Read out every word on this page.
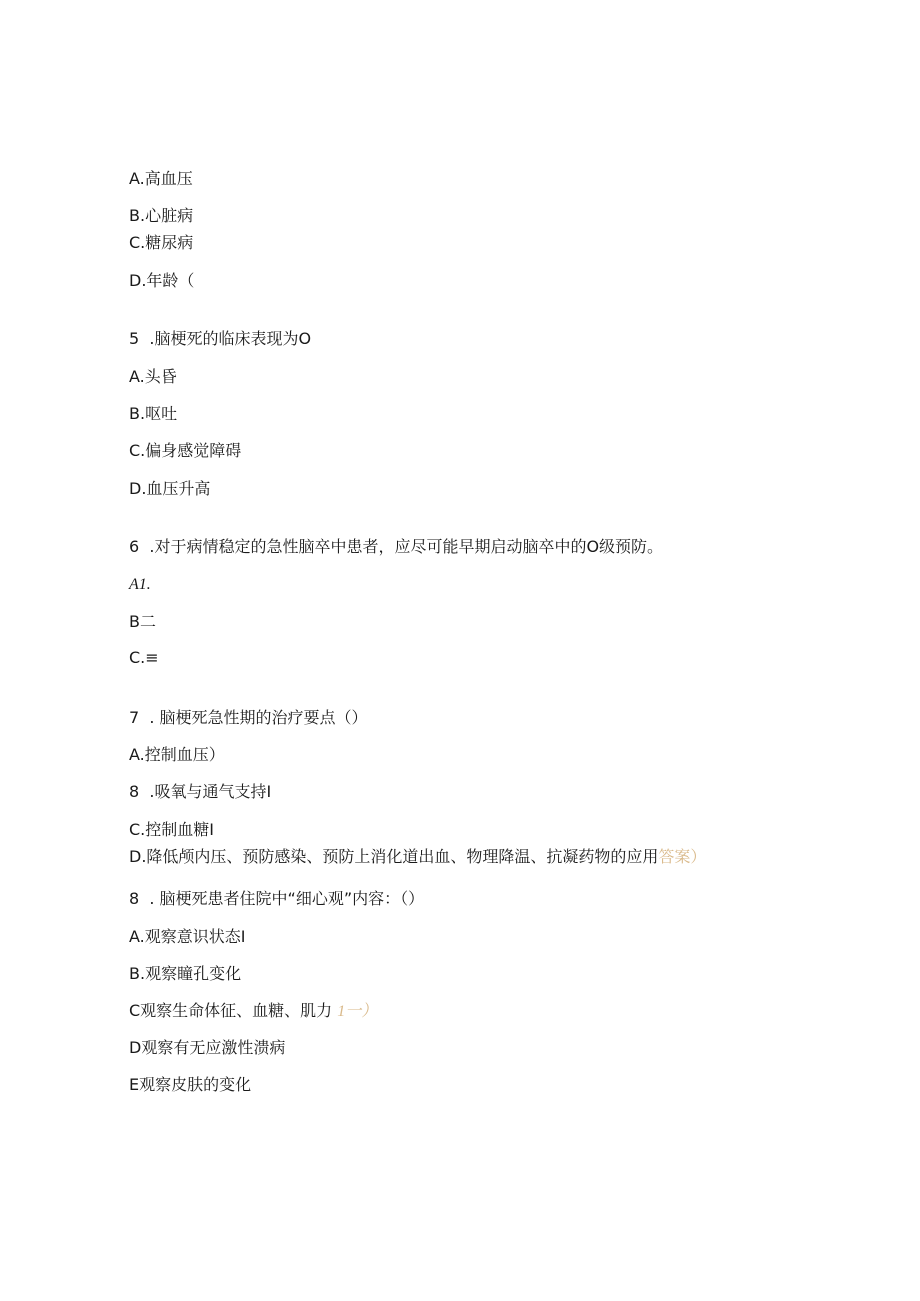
A.高血压
B.心脏病
C.糖尿病
D.年龄（
5  .脑梗死的临床表现为O
A.头昏
B.呕吐
C.偏身感觉障碍
D.血压升高
6  .对于病情稳定的急性脑卒中患者，应尽可能早期启动脑卒中的O级预防。
A1.
B二
C.≡
7  . 脑梗死急性期的治疗要点（）
A.控制血压）
8  .吸氧与通气支持I
C.控制血糖I
D.降低颅内压、预防感染、预防上消化道出血、物理降温、抗凝药物的应用答案）
8  . 脑梗死患者住院中“细心观”内容：（）
A.观察意识状态I
B.观察瞳孔变化
C观察生命体征、血糖、肌力 1一）
D观察有无应激性溃病
E观察皮肤的变化
